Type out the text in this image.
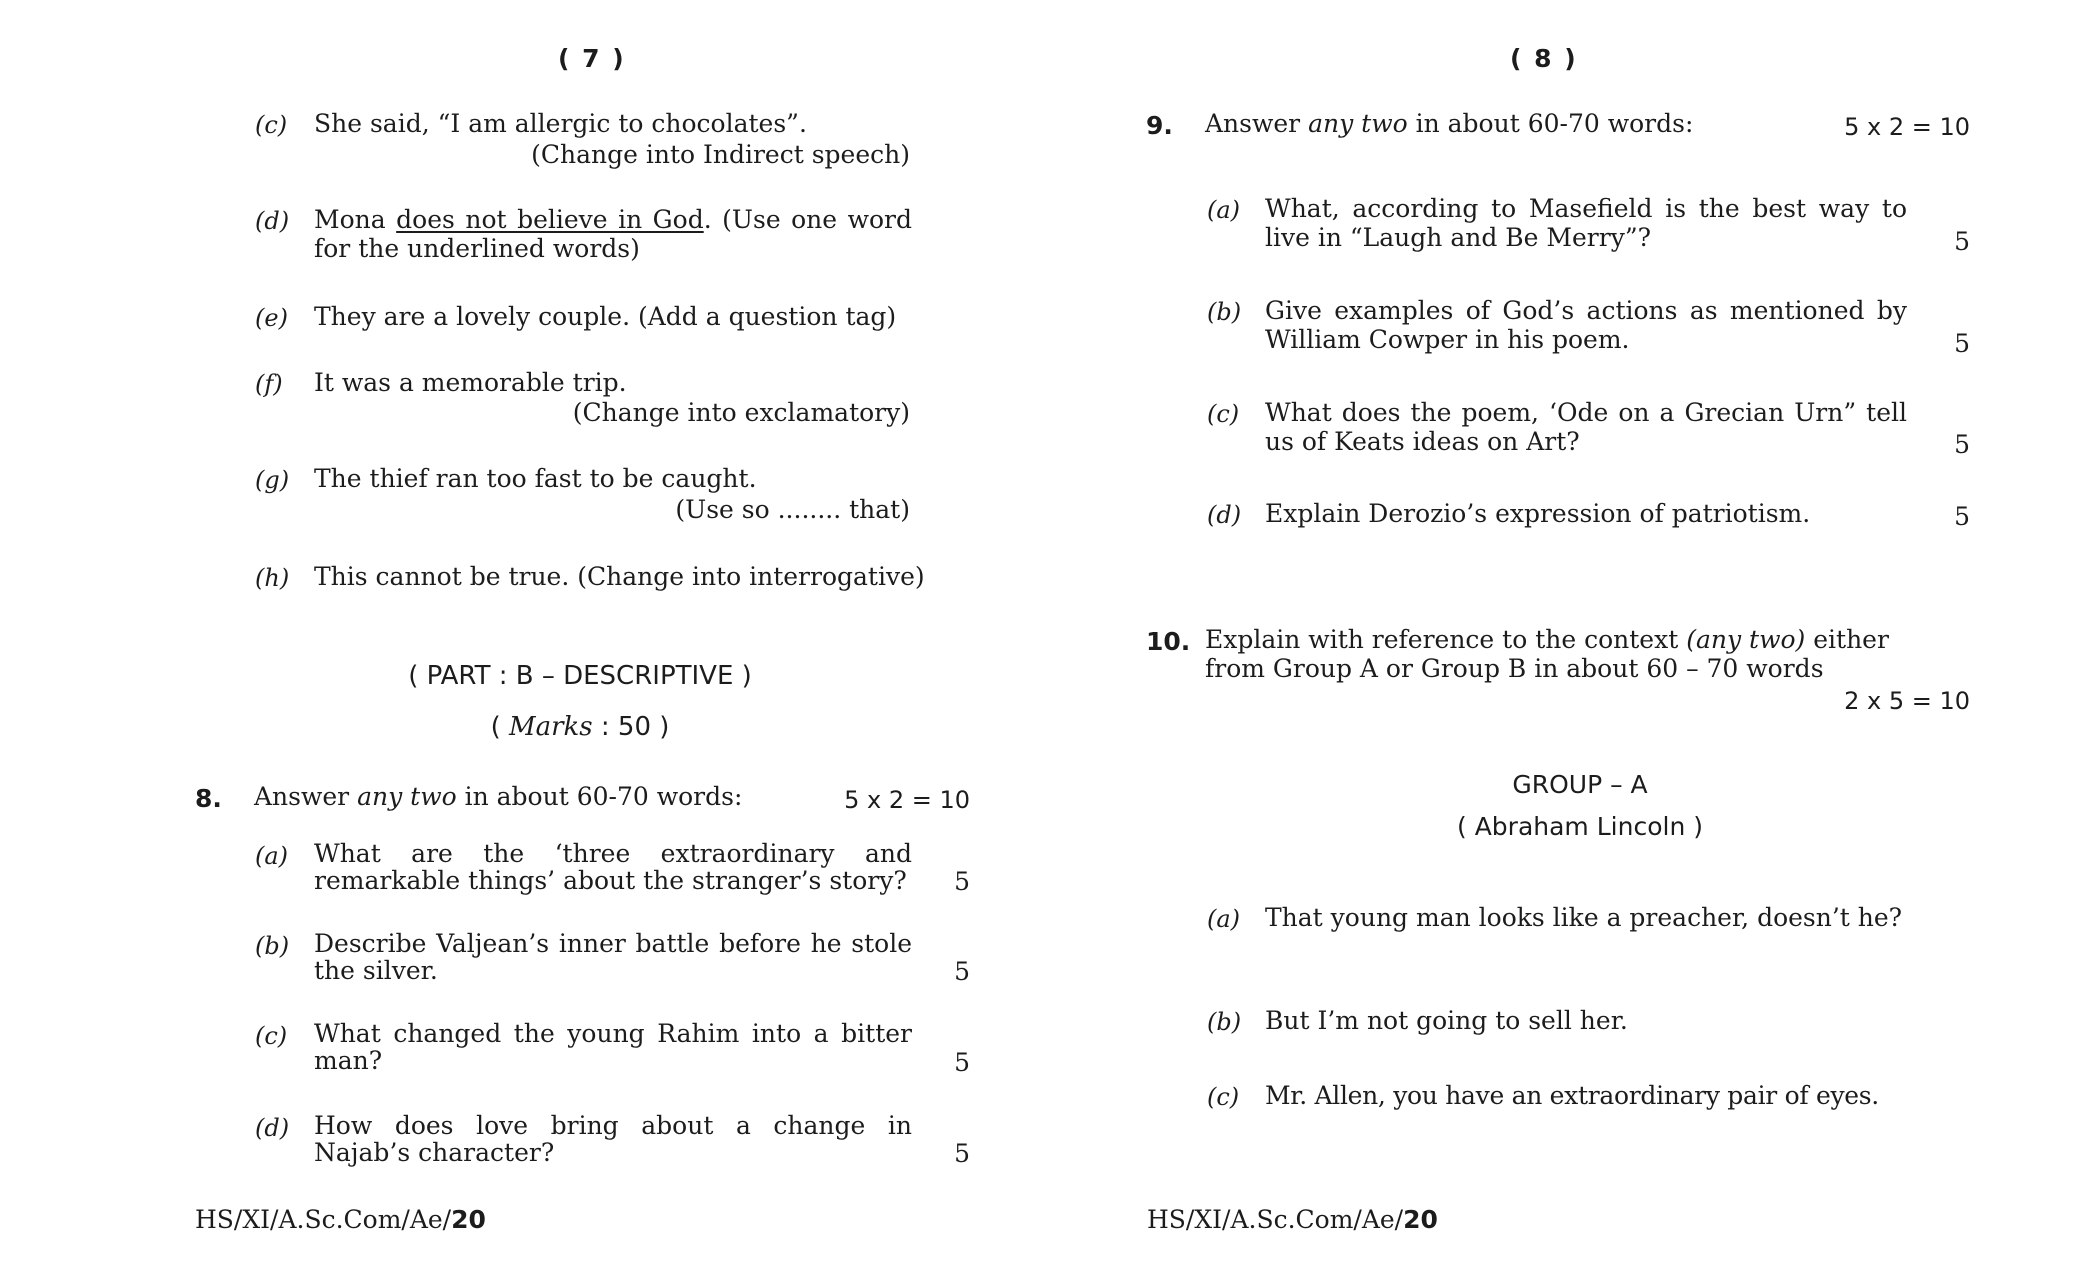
( 7 )
(c) She said, “I am allergic to chocolates”.
(Change into Indirect speech)
(d) Mona does not believe in God. (Use one word for the underlined words)
(e) They are a lovely couple. (Add a question tag)
(f) It was a memorable trip.
(Change into exclamatory)
(g) The thief ran too fast to be caught.
(Use so ........ that)
(h) This cannot be true. (Change into interrogative)
( PART : B – DESCRIPTIVE )
( Marks : 50 )
8. Answer any two in about 60-70 words:	5 x 2 = 10
(a) What are the ‘three extraordinary and remarkable things’ about the stranger’s story?	5
(b) Describe Valjean’s inner battle before he stole the silver.	5
(c) What changed the young Rahim into a bitter man?	5
(d) How does love bring about a change in Najab’s character?	5
HS/XI/A.Sc.Com/Ae/20
( 8 )
9. Answer any two in about 60-70 words:	5 x 2 = 10
(a) What, according to Masefield is the best way to live in “Laugh and Be Merry”?	5
(b) Give examples of God’s actions as mentioned by William Cowper in his poem.	5
(c) What does the poem, ‘Ode on a Grecian Urn” tell us of Keats ideas on Art?	5
(d) Explain Derozio’s expression of patriotism.	5
10. Explain with reference to the context (any two) either from Group A or Group B in about 60 – 70 words
2 x 5 = 10
GROUP – A
( Abraham Lincoln )
(a) That young man looks like a preacher, doesn’t he?
(b) But I’m not going to sell her.
(c) Mr. Allen, you have an extraordinary pair of eyes.
HS/XI/A.Sc.Com/Ae/20
